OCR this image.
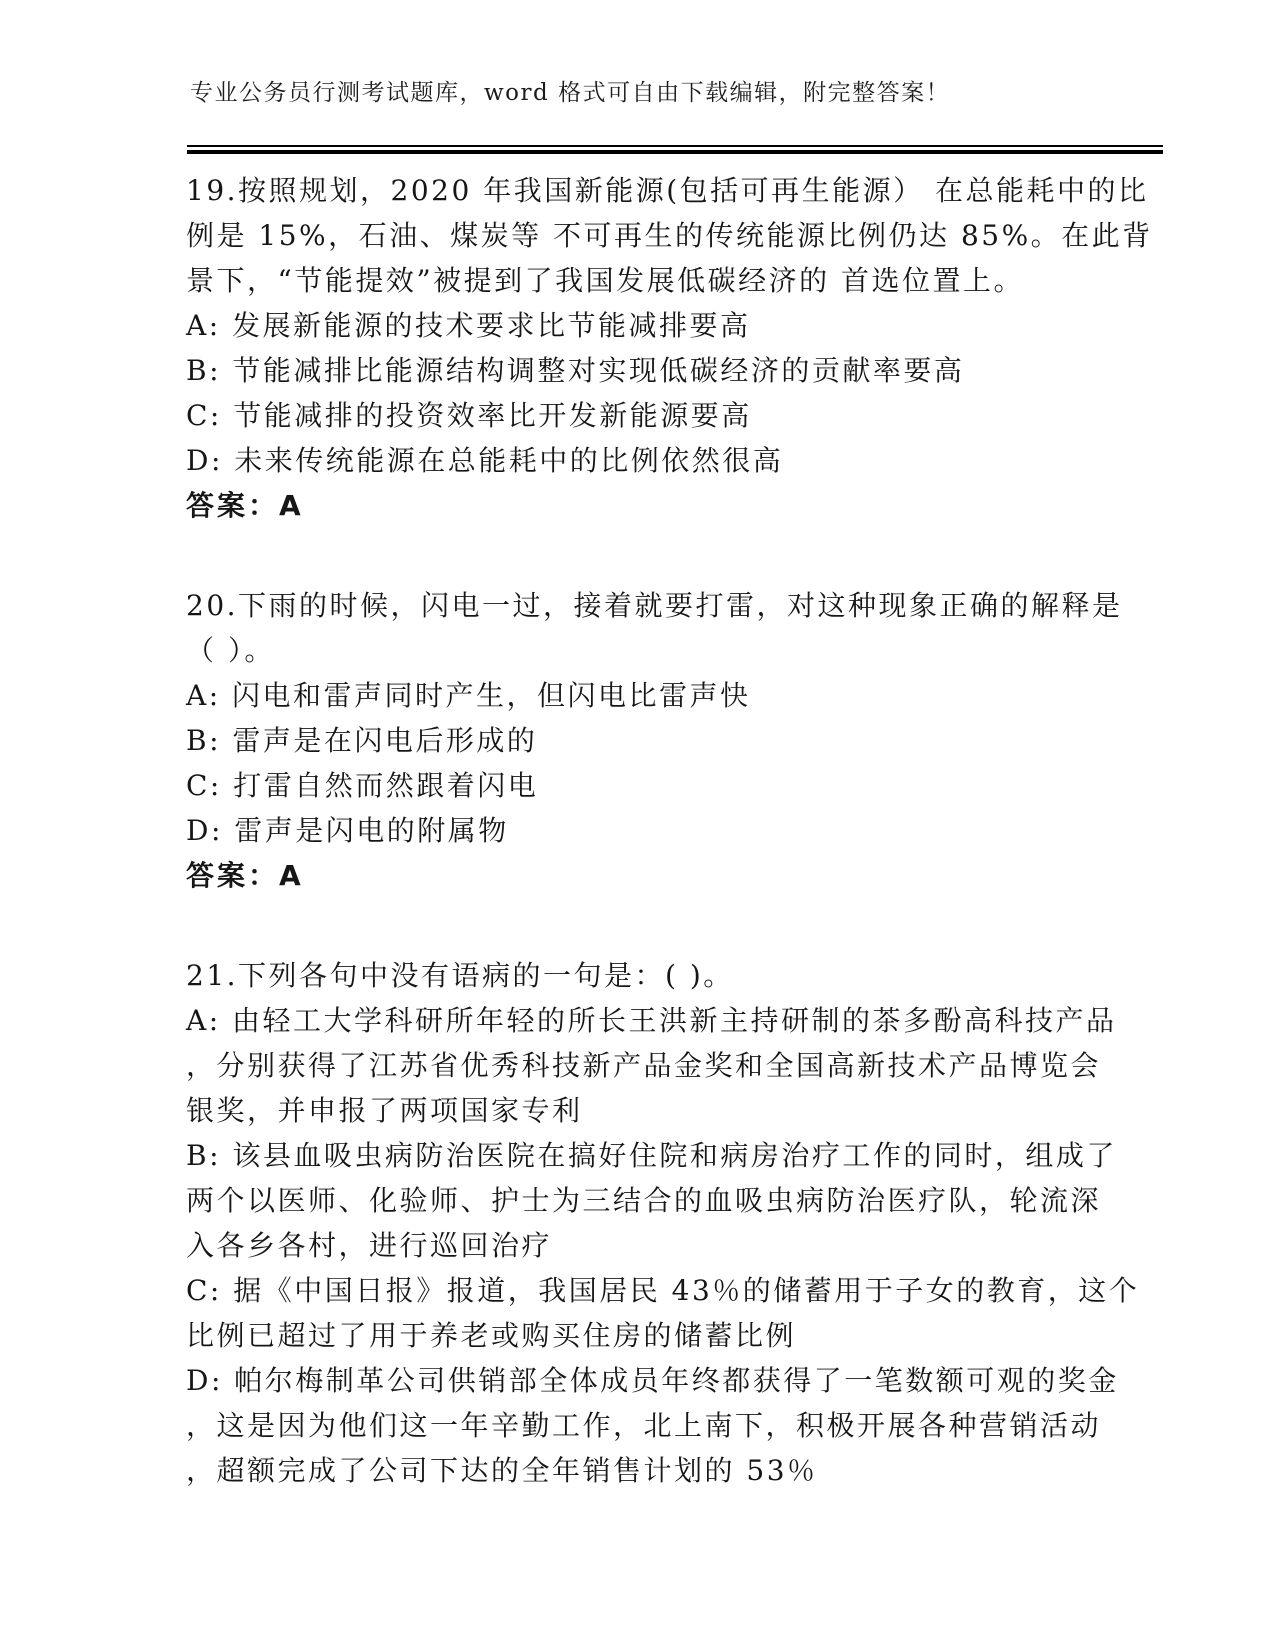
专业公务员行测考试题库，word 格式可自由下载编辑，附完整答案！
19.按照规划，2020 年我国新能源(包括可再生能源） 在总能耗中的比
例是 15%，石油、煤炭等 不可再生的传统能源比例仍达 85%。在此背
景下，“节能提效”被提到了我国发展低碳经济的 首选位置上。
A: 发展新能源的技术要求比节能减排要高
B: 节能减排比能源结构调整对实现低碳经济的贡献率要高
C: 节能减排的投资效率比开发新能源要高
D: 未来传统能源在总能耗中的比例依然很高
答案：A
20.下雨的时候，闪电一过，接着就要打雷，对这种现象正确的解释是
（ ）。
A: 闪电和雷声同时产生，但闪电比雷声快
B: 雷声是在闪电后形成的
C: 打雷自然而然跟着闪电
D: 雷声是闪电的附属物
答案：A
21.下列各句中没有语病的一句是：( )。
A: 由轻工大学科研所年轻的所长王洪新主持研制的茶多酚高科技产品
，分别获得了江苏省优秀科技新产品金奖和全国高新技术产品博览会
银奖，并申报了两项国家专利
B: 该县血吸虫病防治医院在搞好住院和病房治疗工作的同时，组成了
两个以医师、化验师、护士为三结合的血吸虫病防治医疗队，轮流深
入各乡各村，进行巡回治疗
C: 据《中国日报》报道，我国居民 43％的储蓄用于子女的教育，这个
比例已超过了用于养老或购买住房的储蓄比例
D: 帕尔梅制革公司供销部全体成员年终都获得了一笔数额可观的奖金
，这是因为他们这一年辛勤工作，北上南下，积极开展各种营销活动
，超额完成了公司下达的全年销售计划的 53％
